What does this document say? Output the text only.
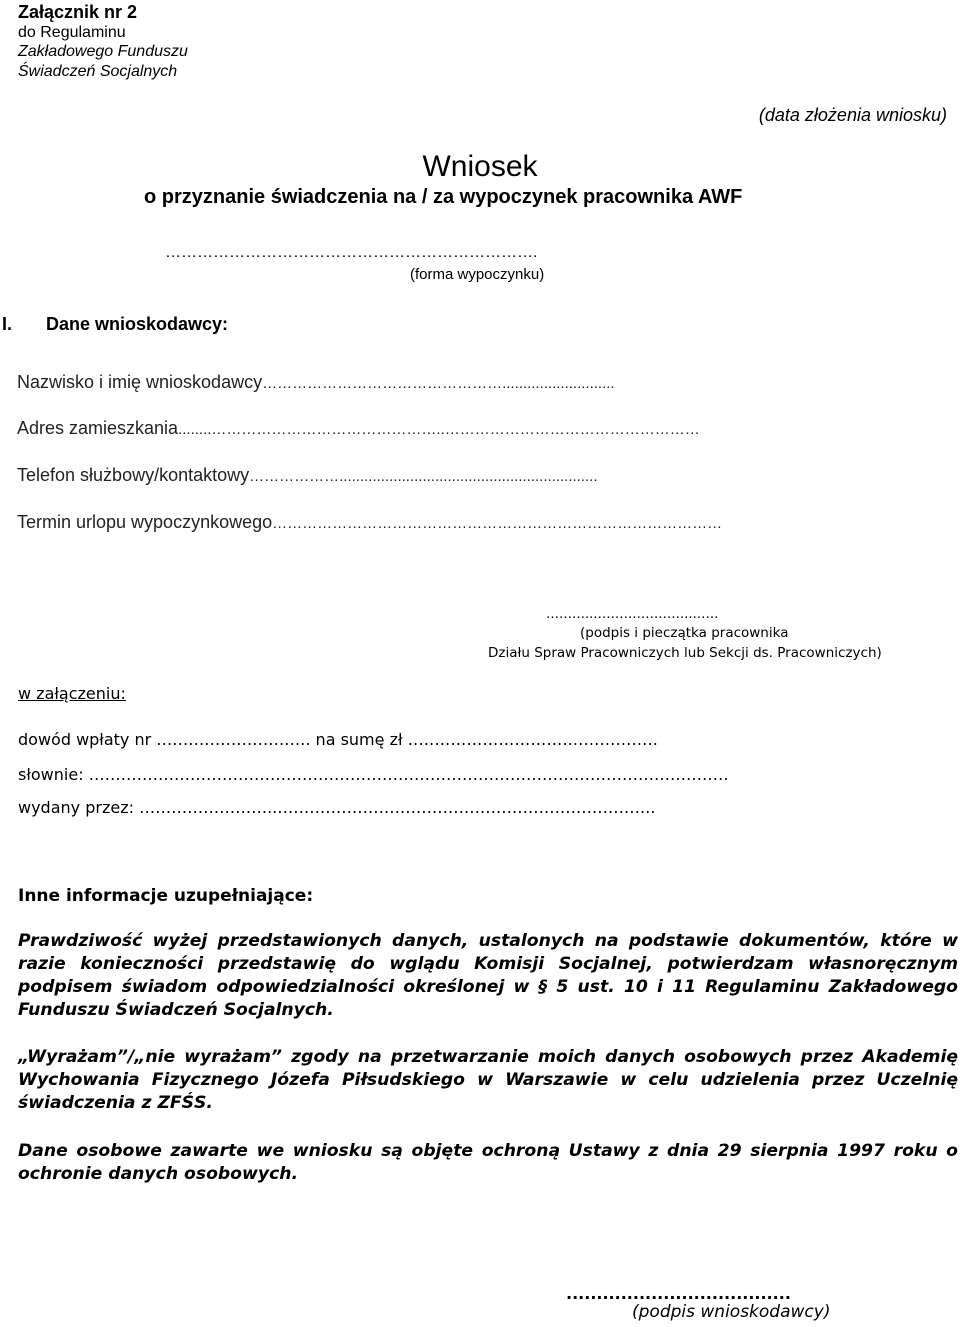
Załącznik nr 2
do Regulaminu
Zakładowego Funduszu
Świadczeń Socjalnych
(data złożenia wniosku)
Wniosek
o przyznanie świadczenia na / za wypoczynek pracownika AWF
…………………………………………………………….
(forma wypoczynku)
I. Dane wnioskodawcy:
Nazwisko i imię wnioskodawcy…………………………………………...........................
Adres zamieszkania........………………………………………..……………………………………………
Telefon służbowy/kontaktowy………………..............................................................
Termin urlopu wypoczynkowego………………………………………………………………………………
………..…………………..……
(podpis i pieczątka pracownika
Działu Spraw Pracowniczych lub Sekcji ds. Pracowniczych)
w załączeniu:
dowód wpłaty nr ……………………….. na sumę zł ………………………….…………….
słownie: …………………………………………………………………………………………………………
wydany przez: ……………………..……………………………………………………………..
Inne informacje uzupełniające:

Prawdziwość wyżej przedstawionych danych, ustalonych na podstawie dokumentów, które w razie konieczności przedstawię do wglądu Komisji Socjalnej, potwierdzam własnoręcznym podpisem świadom odpowiedzialności określonej w § 5 ust. 10 i 11 Regulaminu Zakładowego Funduszu Świadczeń Socjalnych.

„Wyrażam”/„nie wyrażam” zgody na przetwarzanie moich danych osobowych przez Akademię Wychowania Fizycznego Józefa Piłsudskiego w Warszawie w celu udzielenia przez Uczelnię świadczenia z ZFŚS.

Dane osobowe zawarte we wniosku są objęte ochroną Ustawy z dnia 29 sierpnia 1997 roku o ochronie danych osobowych.

.....................................
(podpis wnioskodawcy)
